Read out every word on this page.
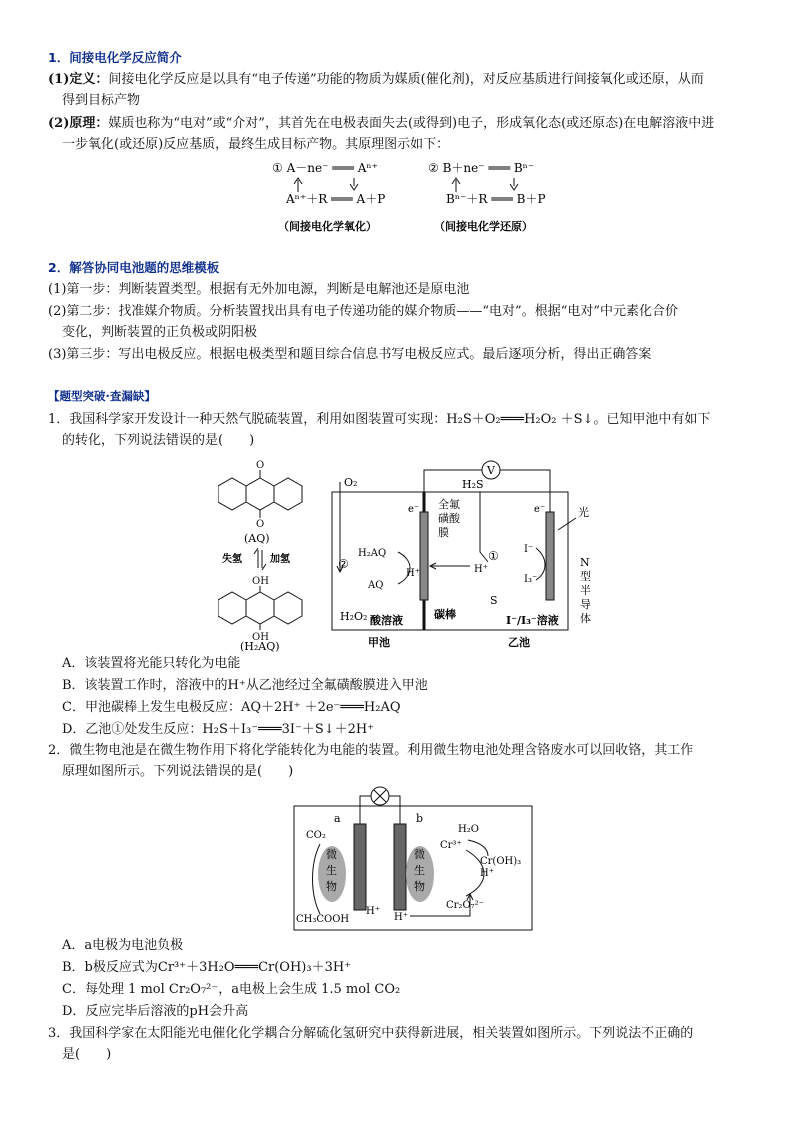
1．间接电化学反应简介
(1)定义：间接电化学反应是以具有“电子传递”功能的物质为媒质(催化剂)，对反应基质进行间接氧化或还原，从而
得到目标产物
(2)原理：媒质也称为“电对”或“介对”，其首先在电极表面失去(或得到)电子，形成氧化态(或还原态)在电解溶液中进
一步氧化(或还原)反应基质，最终生成目标产物。其原理图示如下：
① A－ne⁻ ═══ Aⁿ⁺
Aⁿ⁺＋R ═══ A＋P
（间接电化学氧化）
② B＋ne⁻ ═══ Bⁿ⁻
Bⁿ⁻＋R ═══ B＋P
（间接电化学还原）
2．解答协同电池题的思维模板
(1)第一步：判断装置类型。根据有无外加电源，判断是电解池还是原电池
(2)第二步：找准媒介物质。分析装置找出具有电子传递功能的媒介物质——“电对”。根据“电对”中元素化合价
变化，判断装置的正负极或阴阳极
(3)第三步：写出电极反应。根据电极类型和题目综合信息书写电极反应式。最后逐项分析，得出正确答案
【题型突破·查漏缺】
1．我国科学家开发设计一种天然气脱硫装置，利用如图装置可实现：H₂S＋O₂═══H₂O₂ ＋S↓。已知甲池中有如下
的转化，下列说法错误的是(　　)
O
O
(AQ)
失氢	加氢
OH
OH
(H₂AQ)
V
O₂
e⁻ 全氟
磺酸
膜
H₂S
e⁻	光
②
H₂AQ
AQ
H⁺
H₂O₂ 酸溶液	碳棒
①	I⁻
I₃⁻
H⁺
S
N
型
半
导
体
I⁻/I₃⁻溶液
甲池	乙池
A．该装置将光能只转化为电能
B．该装置工作时，溶液中的H⁺从乙池经过全氟磺酸膜进入甲池
C．甲池碳棒上发生电极反应：AQ＋2H⁺ ＋2e⁻═══H₂AQ
D．乙池①处发生反应：H₂S＋I₃⁻═══3I⁻＋S↓＋2H⁺
2．微生物电池是在微生物作用下将化学能转化为电能的装置。利用微生物电池处理含铬废水可以回收铬，其工作
原理如图所示。下列说法错误的是(　　)
a	b
微
生
物
微
生
物
CO₂
CH₃COOH
H⁺
H⁺
Cr³⁺
H₂O
Cr(OH)₃
H⁺
Cr₂O₇²⁻
A．a电极为电池负极
B．b极反应式为Cr³⁺＋3H₂O═══Cr(OH)₃＋3H⁺
C．每处理 1 mol Cr₂O₇²⁻，a电极上会生成 1.5 mol CO₂
D．反应完毕后溶液的pH会升高
3．我国科学家在太阳能光电催化化学耦合分解硫化氢研究中获得新进展，相关装置如图所示。下列说法不正确的
是(　　)
